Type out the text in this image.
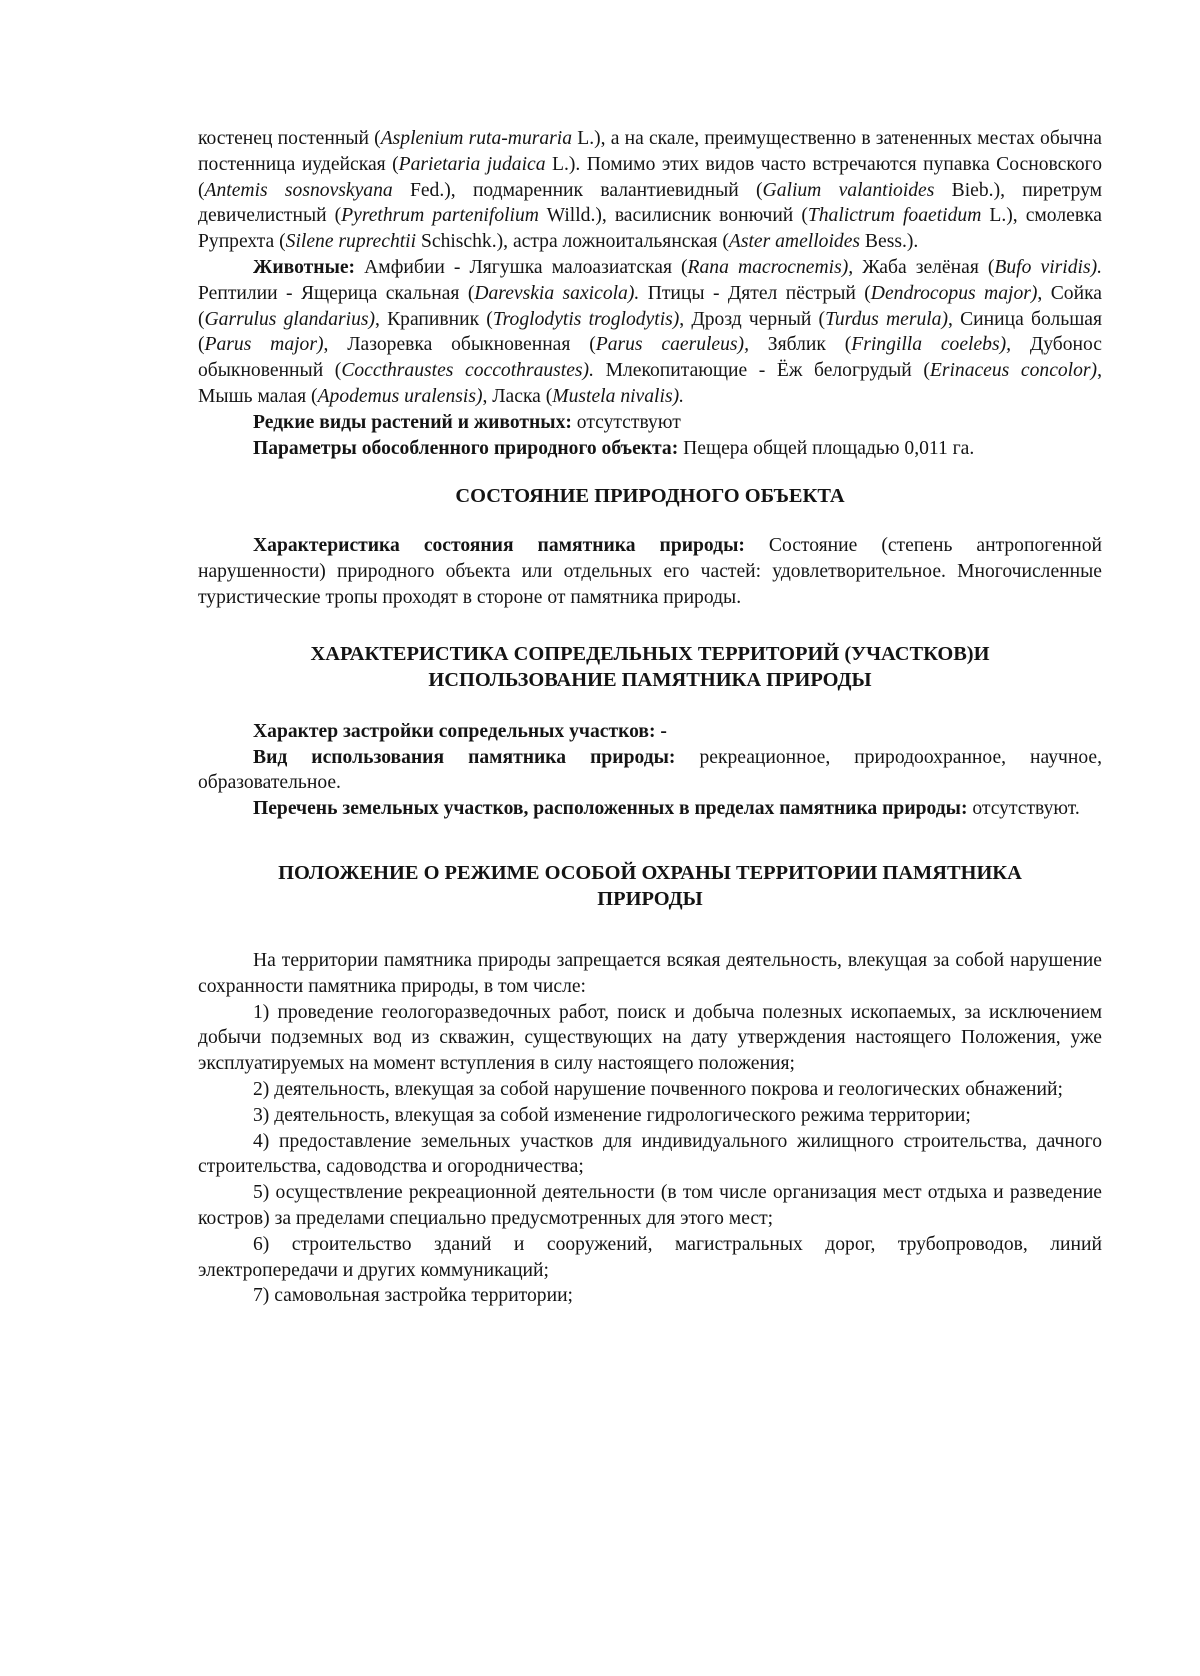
костенец постенный (Asplenium ruta-muraria L.), а на скале, преимущественно в затененных местах обычна постенница иудейская (Parietaria judaica L.). Помимо этих видов часто встречаются пупавка Сосновского (Antemis sosnovskyana Fed.), подмаренник валантиевидный (Galium valantioides Bieb.), пиретрум девичелистный (Pyrethrum partenifolium Willd.), василисник вонючий (Thalictrum foaetidum L.), смолевка Рупрехта (Silene ruprechtii Schischk.), астра ложноитальянская (Aster amelloides Bess.).

Животные: Амфибии - Лягушка малоазиатская (Rana macrocnemis), Жаба зелёная (Bufo viridis). Рептилии - Ящерица скальная (Darevskia saxicola). Птицы - Дятел пёстрый (Dendrocopus major), Сойка (Garrulus glandarius), Крапивник (Troglodytis troglodytis), Дрозд черный (Turdus merula), Синица большая (Parus major), Лазоревка обыкновенная (Parus caeruleus), Зяблик (Fringilla coelebs), Дубонос обыкновенный (Coccthraustes coccothraustes). Млекопитающие - Ёж белогрудый (Erinaceus concolor), Мышь малая (Apodemus uralensis), Ласка (Mustela nivalis).

Редкие виды растений и животных: отсутствуют

Параметры обособленного природного объекта: Пещера общей площадью 0,011 га.

СОСТОЯНИЕ ПРИРОДНОГО ОБЪЕКТА

Характеристика состояния памятника природы: Состояние (степень антропогенной нарушенности) природного объекта или отдельных его частей: удовлетворительное. Многочисленные туристические тропы проходят в стороне от памятника природы.

ХАРАКТЕРИСТИКА СОПРЕДЕЛЬНЫХ ТЕРРИТОРИЙ (УЧАСТКОВ)И
ИСПОЛЬЗОВАНИЕ ПАМЯТНИКА ПРИРОДЫ

Характер застройки сопредельных участков: -

Вид использования памятника природы: рекреационное, природоохранное, научное, образовательное.

Перечень земельных участков, расположенных в пределах памятника природы: отсутствуют.

ПОЛОЖЕНИЕ О РЕЖИМЕ ОСОБОЙ ОХРАНЫ ТЕРРИТОРИИ ПАМЯТНИКА
ПРИРОДЫ

На территории памятника природы запрещается всякая деятельность, влекущая за собой нарушение сохранности памятника природы, в том числе:

1) проведение геологоразведочных работ, поиск и добыча полезных ископаемых, за исключением добычи подземных вод из скважин, существующих на дату утверждения настоящего Положения, уже эксплуатируемых на момент вступления в силу настоящего положения;

2) деятельность, влекущая за собой нарушение почвенного покрова и геологических обнажений;

3) деятельность, влекущая за собой изменение гидрологического режима территории;

4) предоставление земельных участков для индивидуального жилищного строительства, дачного строительства, садоводства и огородничества;

5) осуществление рекреационной деятельности (в том числе организация мест отдыха и разведение костров) за пределами специально предусмотренных для этого мест;

6) строительство зданий и сооружений, магистральных дорог, трубопроводов, линий электропередачи и других коммуникаций;

7) самовольная застройка территории;
